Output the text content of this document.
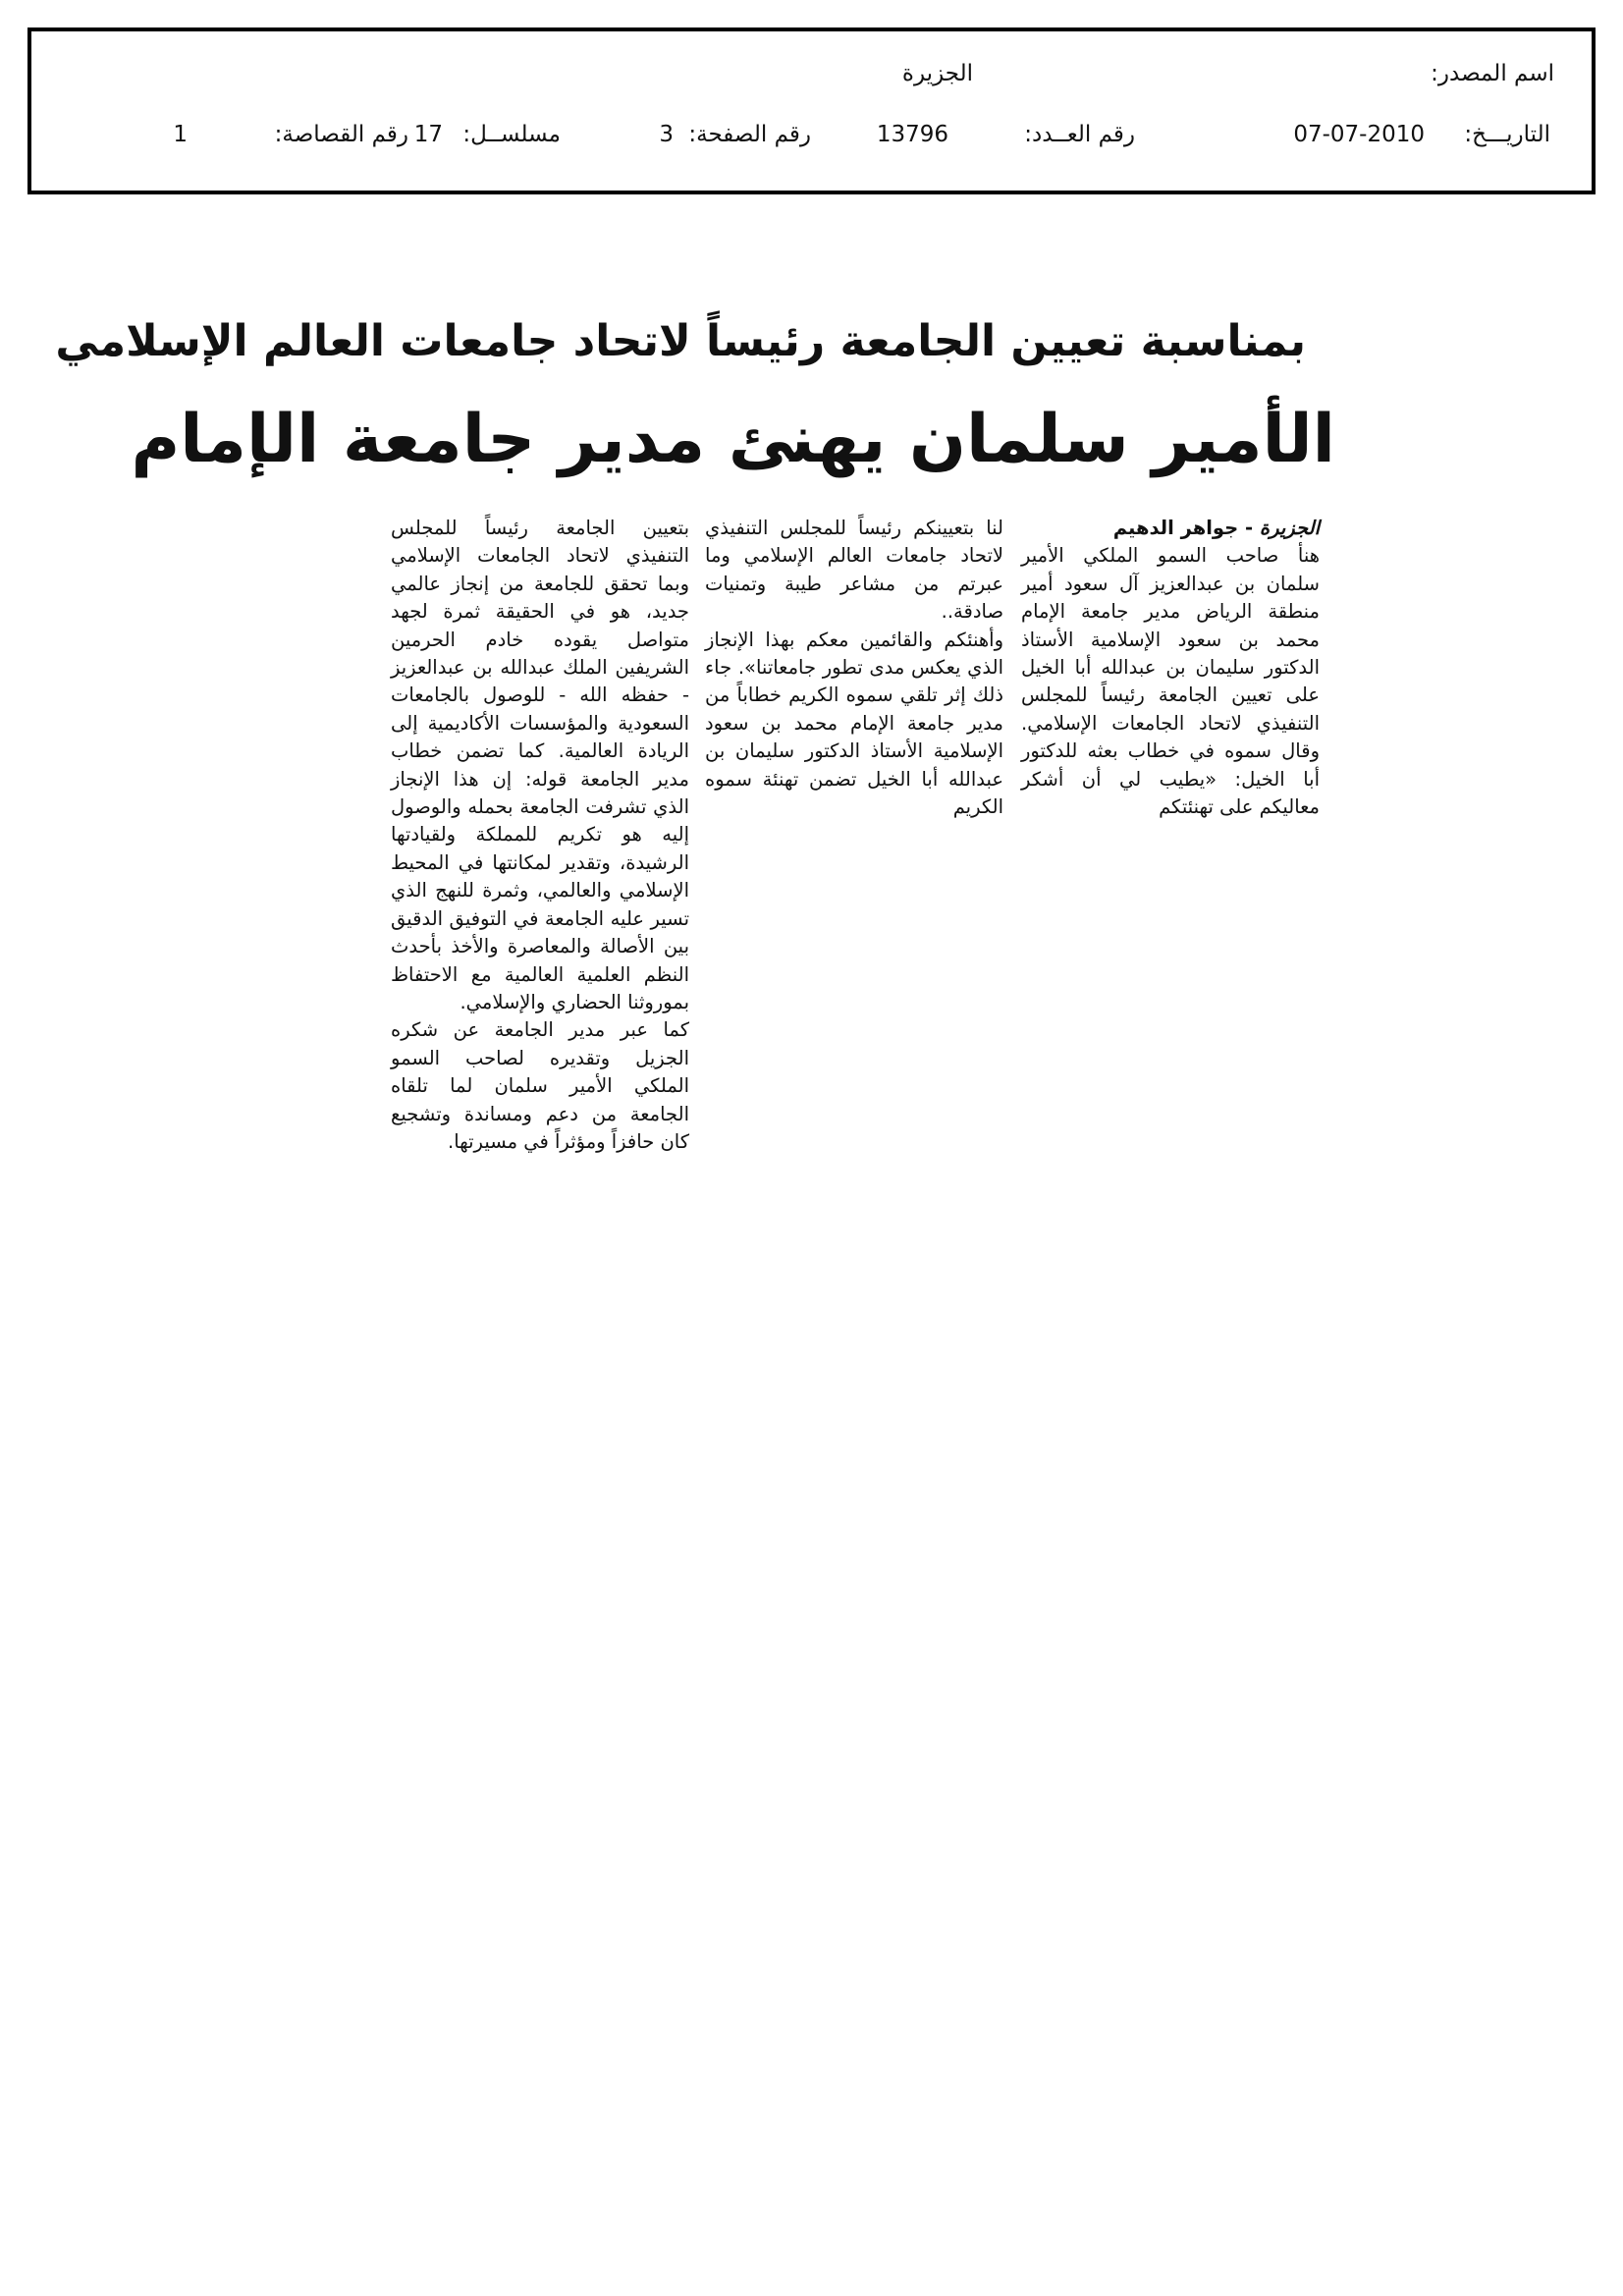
اسم المصدر:
الجزيرة
التاريـــخ:
07-07-2010
رقم العــدد:
13796
رقم الصفحة:
3
مسلســل:
17
رقم القصاصة:
1
بمناسبة تعيين الجامعة رئيساً لاتحاد جامعات العالم الإسلامي
الأمير سلمان يهنئ مدير جامعة الإمام

الجزيرة - جواهر الدهيم

هنأ صاحب السمو الملكي الأمير سلمان بن عبدالعزيز آل سعود أمير منطقة الرياض مدير جامعة الإمام محمد بن سعود الإسلامية الأستاذ الدكتور سليمان بن عبدالله أبا الخيل على تعيين الجامعة رئيساً للمجلس التنفيذي لاتحاد الجامعات الإسلامي. وقال سموه في خطاب بعثه للدكتور أبا الخيل: «يطيب لي أن أشكر معاليكم على تهنئتكم

لنا بتعيينكم رئيساً للمجلس التنفيذي لاتحاد جامعات العالم الإسلامي وما عبرتم من مشاعر طيبة وتمنيات صادقة..

وأهنئكم والقائمين معكم بهذا الإنجاز الذي يعكس مدى تطور جامعاتنا». جاء ذلك إثر تلقي سموه الكريم خطاباً من مدير جامعة الإمام محمد بن سعود الإسلامية الأستاذ الدكتور سليمان بن عبدالله أبا الخيل تضمن تهنئة سموه الكريم

بتعيين الجامعة رئيساً للمجلس التنفيذي لاتحاد الجامعات الإسلامي وبما تحقق للجامعة من إنجاز عالمي جديد، هو في الحقيقة ثمرة لجهد متواصل يقوده خادم الحرمين الشريفين الملك عبدالله بن عبدالعزيز - حفظه الله - للوصول بالجامعات السعودية والمؤسسات الأكاديمية إلى الريادة العالمية. كما تضمن خطاب مدير الجامعة قوله: إن هذا الإنجاز الذي تشرفت الجامعة بحمله والوصول إليه هو تكريم للمملكة ولقيادتها الرشيدة، وتقدير لمكانتها في المحيط الإسلامي والعالمي، وثمرة للنهج الذي تسير عليه الجامعة في التوفيق الدقيق بين الأصالة والمعاصرة والأخذ بأحدث النظم العلمية العالمية مع الاحتفاظ بموروثنا الحضاري والإسلامي.

كما عبر مدير الجامعة عن شكره الجزيل وتقديره لصاحب السمو الملكي الأمير سلمان لما تلقاه الجامعة من دعم ومساندة وتشجيع كان حافزاً ومؤثراً في مسيرتها.
